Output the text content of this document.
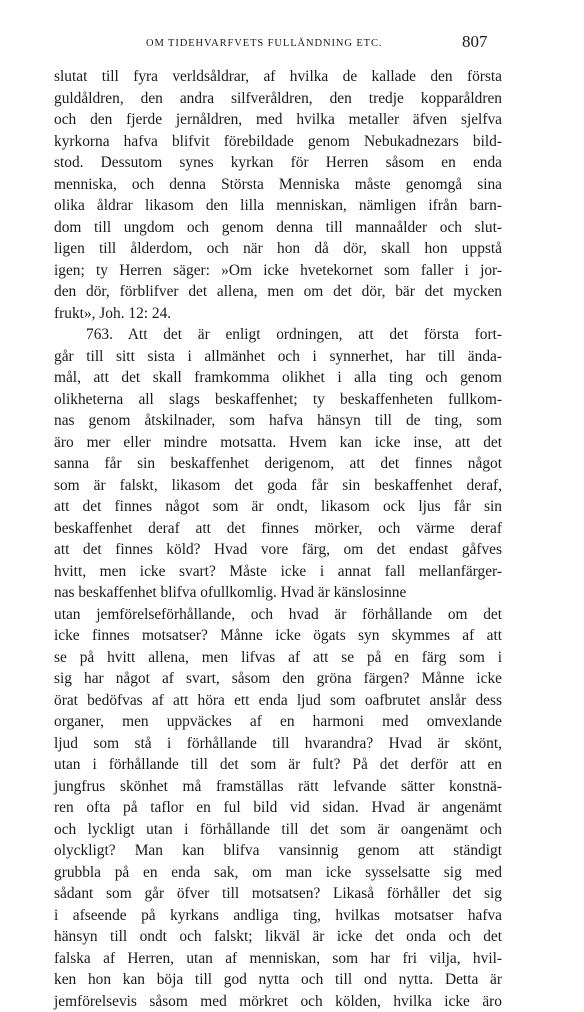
OM TIDEHVARFVETS FULLÄNDNING ETC.	807
slutat till fyra verldsåldrar, af hvilka de kallade den första
guldåldren, den andra silfveråldren, den tredje kopparåldren
och den fjerde jernåldren, med hvilka metaller äfven sjelfva
kyrkorna hafva blifvit förebildade genom Nebukadnezars bild-
stod. Dessutom synes kyrkan för Herren såsom en enda
menniska, och denna Största Menniska måste genomgå sina
olika åldrar likasom den lilla menniskan, nämligen ifrån barn-
dom till ungdom och genom denna till mannaålder och slut-
ligen till ålderdom, och när hon då dör, skall hon uppstå
igen; ty Herren säger: »Om icke hvetekornet som faller i jor-
den dör, förblifver det allena, men om det dör, bär det mycken
frukt», Joh. 12: 24.
763. Att det är enligt ordningen, att det första fort-
går till sitt sista i allmänhet och i synnerhet, har till ända-
mål, att det skall framkomma olikhet i alla ting och genom
olikheterna all slags beskaffenhet; ty beskaffenheten fullkom-
nas genom åtskilnader, som hafva hänsyn till de ting, som
äro mer eller mindre motsatta. Hvem kan icke inse, att det
sanna får sin beskaffenhet derigenom, att det finnes något
som är falskt, likasom det goda får sin beskaffenhet deraf,
att det finnes något som är ondt, likasom ock ljus får sin
beskaffenhet deraf att det finnes mörker, och värme deraf
att det finnes köld? Hvad vore färg, om det endast gåfves
hvitt, men icke svart? Måste icke i annat fall mellanfärger-
nas beskaffenhet blifva ofullkomlig. Hvad är känslosinne
utan jemförelseförhållande, och hvad är förhållande om det
icke finnes motsatser? Månne icke ögats syn skymmes af att
se på hvitt allena, men lifvas af att se på en färg som i
sig har något af svart, såsom den gröna färgen? Månne icke
örat bedöfvas af att höra ett enda ljud som oafbrutet anslår dess
organer, men uppväckes af en harmoni med omvexlande
ljud som stå i förhållande till hvarandra? Hvad är skönt,
utan i förhållande till det som är fult? På det derför att en
jungfrus skönhet må framställas rätt lefvande sätter konstnä-
ren ofta på taflor en ful bild vid sidan. Hvad är angenämt
och lyckligt utan i förhållande till det som är oangenämt och
olyckligt? Man kan blifva vansinnig genom att ständigt
grubbla på en enda sak, om man icke sysselsatte sig med
sådant som går öfver till motsatsen? Likaså förhåller det sig
i afseende på kyrkans andliga ting, hvilkas motsatser hafva
hänsyn till ondt och falskt; likväl är icke det onda och det
falska af Herren, utan af menniskan, som har fri vilja, hvil-
ken hon kan böja till god nytta och till ond nytta. Detta är
jemförelsevis såsom med mörkret och kölden, hvilka icke äro
